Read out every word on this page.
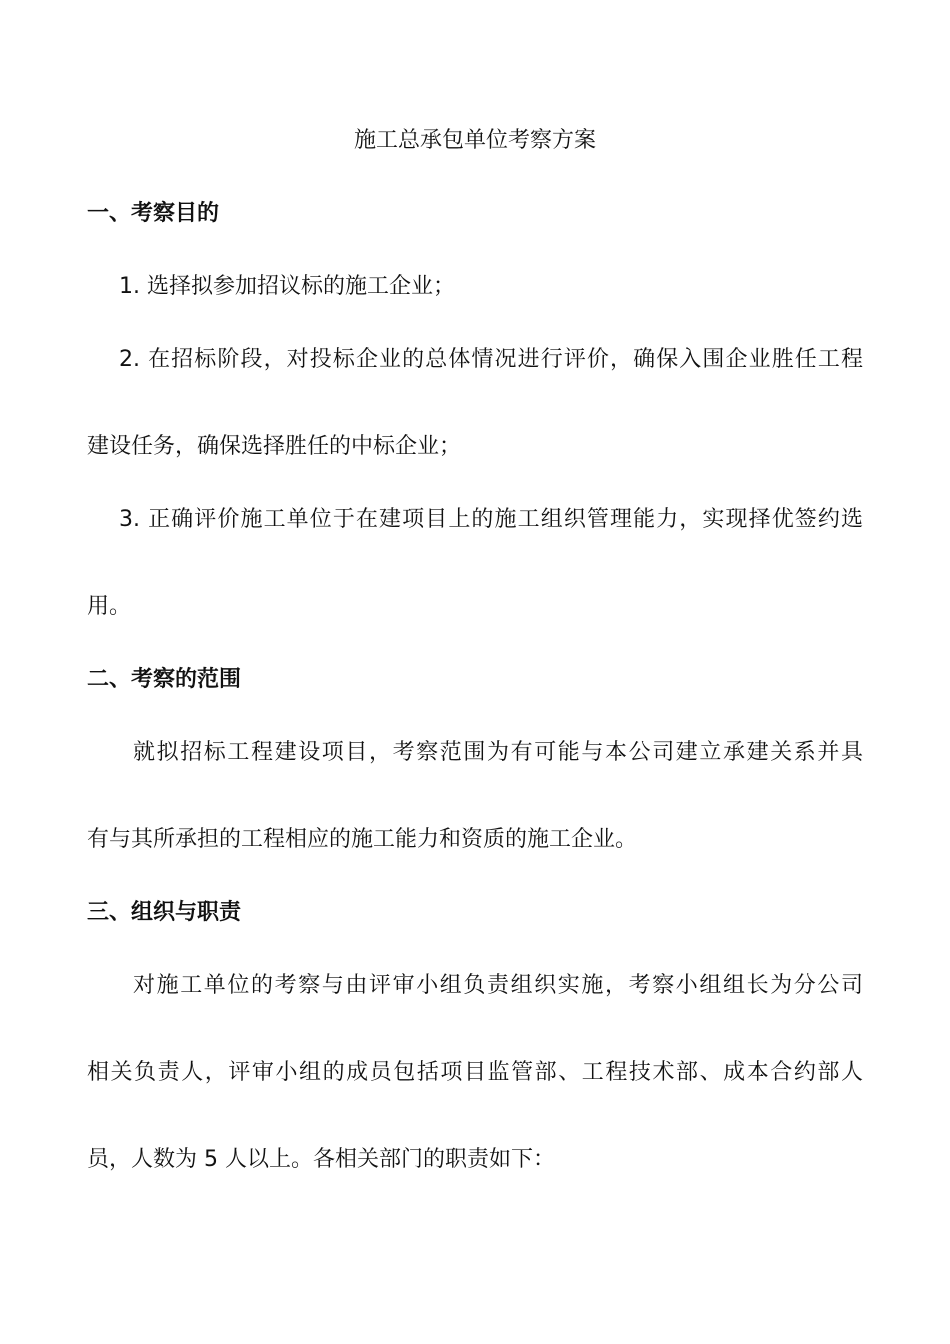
施工总承包单位考察方案
一、考察目的
1. 选择拟参加招议标的施工企业；
2. 在招标阶段，对投标企业的总体情况进行评价，确保入围企业胜任工程
建设任务，确保选择胜任的中标企业；
3. 正确评价施工单位于在建项目上的施工组织管理能力，实现择优签约选
用。
二、考察的范围
就拟招标工程建设项目，考察范围为有可能与本公司建立承建关系并具
有与其所承担的工程相应的施工能力和资质的施工企业。
三、组织与职责
对施工单位的考察与由评审小组负责组织实施，考察小组组长为分公司
相关负责人，评审小组的成员包括项目监管部、工程技术部、成本合约部人
员，人数为 5 人以上。各相关部门的职责如下：
